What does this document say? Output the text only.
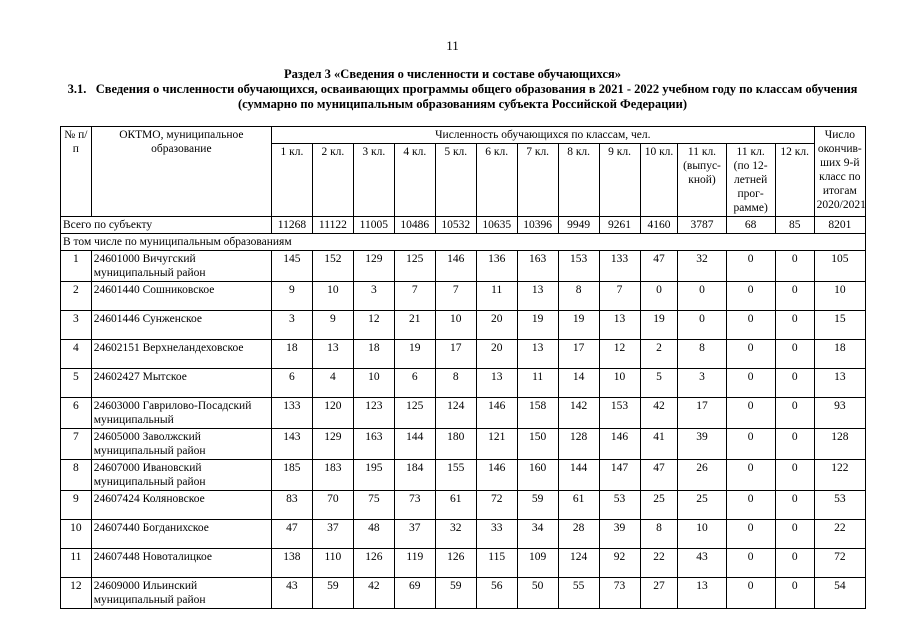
11
Раздел 3 «Сведения о численности и составе обучающихся»
3.1. Сведения о численности обучающихся, осваивающих программы общего образования в 2021 - 2022 учебном году по классам обучения (суммарно по муниципальным образованиям субъекта Российской Федерации)
№ п/п	ОКТМО, муниципальное образование	Численность обучающихся по классам, чел.													Число окончив-ших 9-й класс по итогам 2020/2021
		1 кл.	2 кл.	3 кл.	4 кл.	5 кл.	6 кл.	7 кл.	8 кл.	9 кл.	10 кл.	11 кл. (выпус-кной)	11 кл. (по 12-летней прог-рамме)	12 кл.	
Всего по субъекту		11268	11122	11005	10486	10532	10635	10396	9949	9261	4160	3787	68	85	8201
В том числе по муниципальным образованиям															
1	24601000 Вичугский муниципальный район	145	152	129	125	146	136	163	153	133	47	32	0	0	105
2	24601440 Сошниковское	9	10	3	7	7	11	13	8	7	0	0	0	0	10
3	24601446 Сунженское	3	9	12	21	10	20	19	19	13	19	0	0	0	15
4	24602151 Верхнеландеховское	18	13	18	19	17	20	13	17	12	2	8	0	0	18
5	24602427 Мытское	6	4	10	6	8	13	11	14	10	5	3	0	0	13
6	24603000 Гаврилово-Посадский муниципальный	133	120	123	125	124	146	158	142	153	42	17	0	0	93
7	24605000 Заволжский муниципальный район	143	129	163	144	180	121	150	128	146	41	39	0	0	128
8	24607000 Ивановский муниципальный район	185	183	195	184	155	146	160	144	147	47	26	0	0	122
9	24607424 Коляновское	83	70	75	73	61	72	59	61	53	25	25	0	0	53
10	24607440 Богданихское	47	37	48	37	32	33	34	28	39	8	10	0	0	22
11	24607448 Новоталицкое	138	110	126	119	126	115	109	124	92	22	43	0	0	72
12	24609000 Ильинский муниципальный район	43	59	42	69	59	56	50	55	73	27	13	0	0	54
